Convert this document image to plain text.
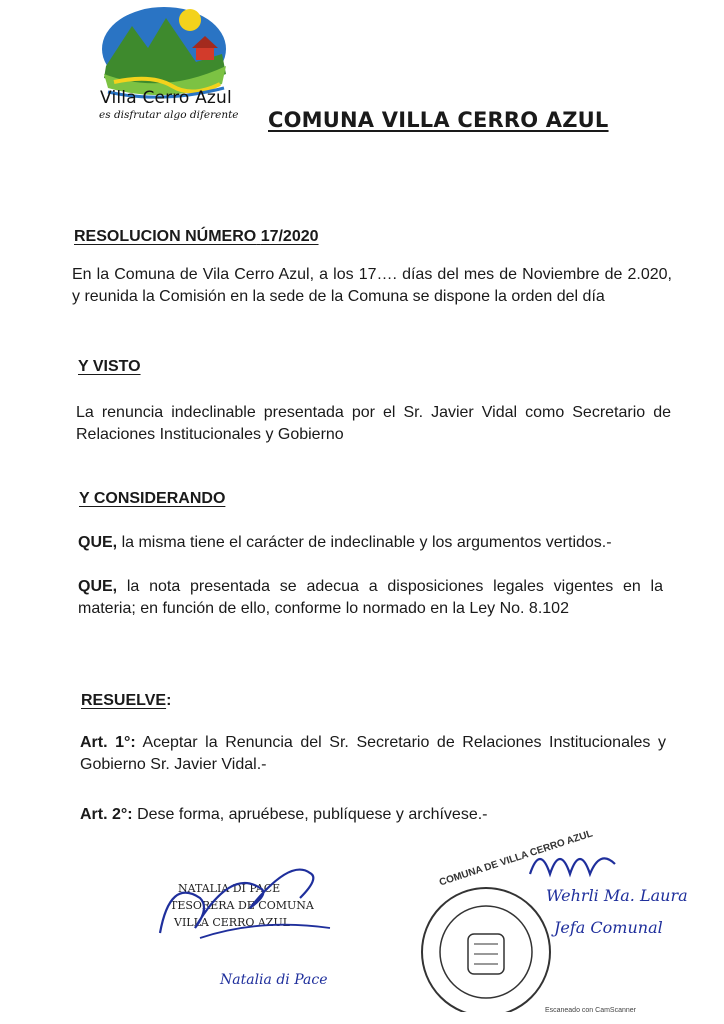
Villa Cerro Azul
es disfrutar algo diferente COMUNA VILLA CERRO AZUL
RESOLUCION NÚMERO 17/2020
En la Comuna de Vila Cerro Azul, a los 17…. días del mes de Noviembre de 2.020, y reunida la Comisión en la sede de la Comuna se dispone la orden del día
Y VISTO
La renuncia indeclinable presentada por el Sr. Javier Vidal como Secretario de Relaciones Institucionales y Gobierno
Y CONSIDERANDO
QUE, la misma tiene el carácter de indeclinable y los argumentos vertidos.-
QUE, la nota presentada se adecua a disposiciones legales vigentes en la materia; en función de ello, conforme lo normado en la Ley No. 8.102
RESUELVE:
Art. 1°: Aceptar la Renuncia del Sr. Secretario de Relaciones Institucionales y Gobierno Sr. Javier Vidal.-
Art. 2°: Dese forma, apruébese, publíquese y archívese.-
NATALIA DI PACE
TESORERA DE COMUNA
VILLA CERRO AZUL
Natalia di Pace
COMUNA DE VILLA CERRO AZUL
Wehrli Ma. Laura
Jefa Comunal
Escaneado con CamScanner
